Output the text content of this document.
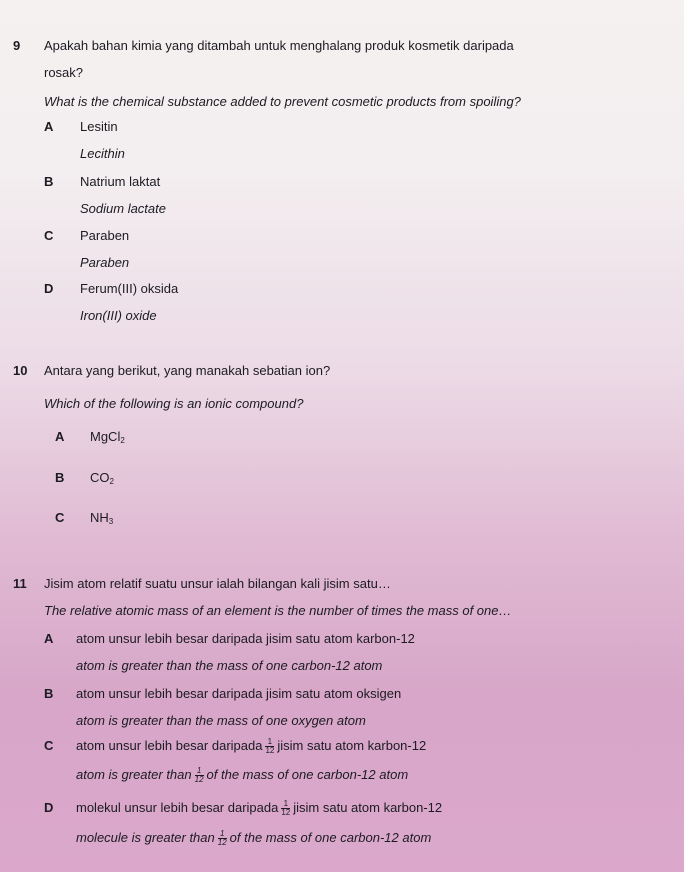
9 Apakah bahan kimia yang ditambah untuk menghalang produk kosmetik daripada
rosak?
What is the chemical substance added to prevent cosmetic products from spoiling?
A Lesitin
Lecithin
B Natrium laktat
Sodium lactate
C Paraben
Paraben
D Ferum(III) oksida
Iron(III) oxide
10 Antara yang berikut, yang manakah sebatian ion?
Which of the following is an ionic compound?
A MgCl$_2$
B $CO_2$
C $NH_3$
11 Jisim atom relatif suatu unsur ialah bilangan kali jisim satu…
The relative atomic mass of an element is the number of times the mass of one…
A atom unsur lebih besar daripada jisim satu atom karbon-12
atom is greater than the mass of one carbon-12 atom
B atom unsur lebih besar daripada jisim satu atom oksigen
atom is greater than the mass of one oxygen atom
C atom unsur lebih besar daripada $\frac{1}{12}$ jisim satu atom karbon-12
atom is greater than $\frac{1}{12}$ of the mass of one carbon-12 atom
D molekul unsur lebih besar daripada $\frac{1}{12}$ jisim satu atom karbon-12
molecule is greater than $\frac{1}{12}$ of the mass of one carbon-12 atom
